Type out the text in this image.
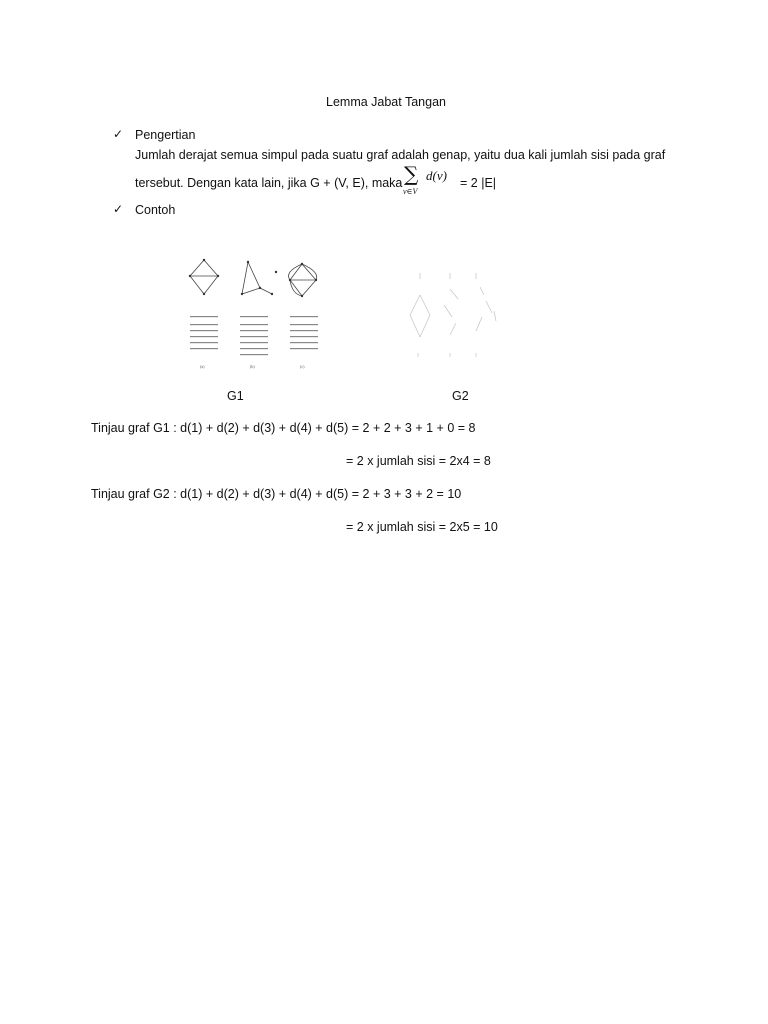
Lemma Jabat Tangan
✓ Pengertian
Jumlah derajat semua simpul pada suatu graf adalah genap, yaitu dua kali jumlah sisi pada graf
tersebut. Dengan kata lain, jika G + (V, E), maka ∑
v∈V
d(v) = 2 |E|
✓ Contoh
(a)	(b)	(c)
G1	G2
Tinjau graf G1 : d(1) + d(2) + d(3) + d(4) + d(5) = 2 + 2 + 3 + 1 + 0 = 8
= 2 x jumlah sisi = 2x4 = 8
Tinjau graf G2 : d(1) + d(2) + d(3) + d(4) + d(5) = 2 + 3 + 3 + 2 = 10
= 2 x jumlah sisi = 2x5 = 10
